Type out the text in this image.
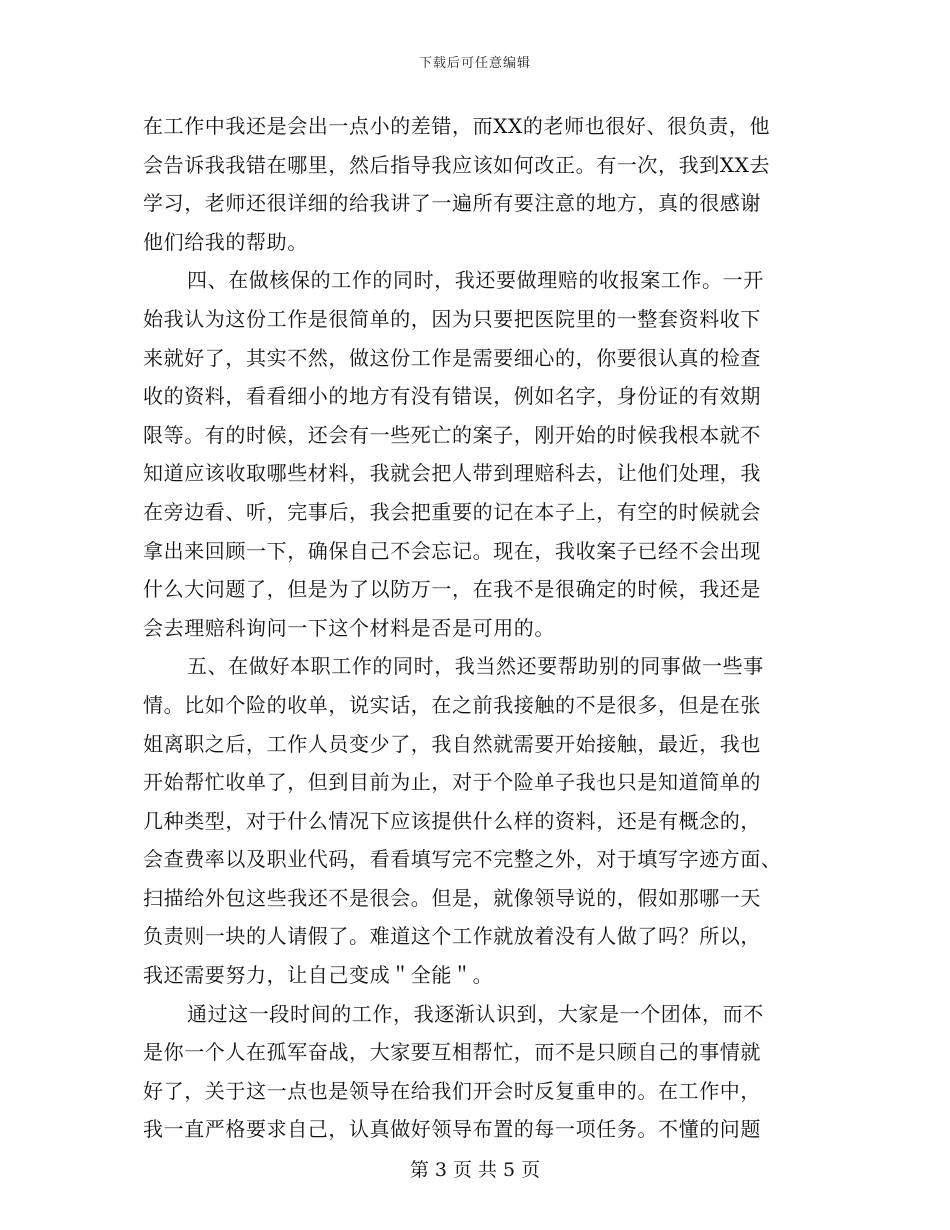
下载后可任意编辑
在工作中我还是会出一点小的差错，而XX的老师也很好、很负责，他
会告诉我我错在哪里，然后指导我应该如何改正。有一次，我到XX去
学习，老师还很详细的给我讲了一遍所有要注意的地方，真的很感谢
他们给我的帮助。
四、在做核保的工作的同时，我还要做理赔的收报案工作。一开
始我认为这份工作是很简单的，因为只要把医院里的一整套资料收下
来就好了，其实不然，做这份工作是需要细心的，你要很认真的检查
收的资料，看看细小的地方有没有错误，例如名字，身份证的有效期
限等。有的时候，还会有一些死亡的案子，刚开始的时候我根本就不
知道应该收取哪些材料，我就会把人带到理赔科去，让他们处理，我
在旁边看、听，完事后，我会把重要的记在本子上，有空的时候就会
拿出来回顾一下，确保自己不会忘记。现在，我收案子已经不会出现
什么大问题了，但是为了以防万一，在我不是很确定的时候，我还是
会去理赔科询问一下这个材料是否是可用的。
五、在做好本职工作的同时，我当然还要帮助别的同事做一些事
情。比如个险的收单，说实话，在之前我接触的不是很多，但是在张
姐离职之后，工作人员变少了，我自然就需要开始接触，最近，我也
开始帮忙收单了，但到目前为止，对于个险单子我也只是知道简单的
几种类型，对于什么情况下应该提供什么样的资料，还是有概念的，
会查费率以及职业代码，看看填写完不完整之外，对于填写字迹方面、
扫描给外包这些我还不是很会。但是，就像领导说的，假如那哪一天
负责则一块的人请假了。难道这个工作就放着没有人做了吗？所以，
我还需要努力，让自己变成＂全能＂。
通过这一段时间的工作，我逐渐认识到，大家是一个团体，而不
是你一个人在孤军奋战，大家要互相帮忙，而不是只顾自己的事情就
好了，关于这一点也是领导在给我们开会时反复重申的。在工作中，
我一直严格要求自己，认真做好领导布置的每一项任务。不懂的问题
第 3 页 共 5 页
